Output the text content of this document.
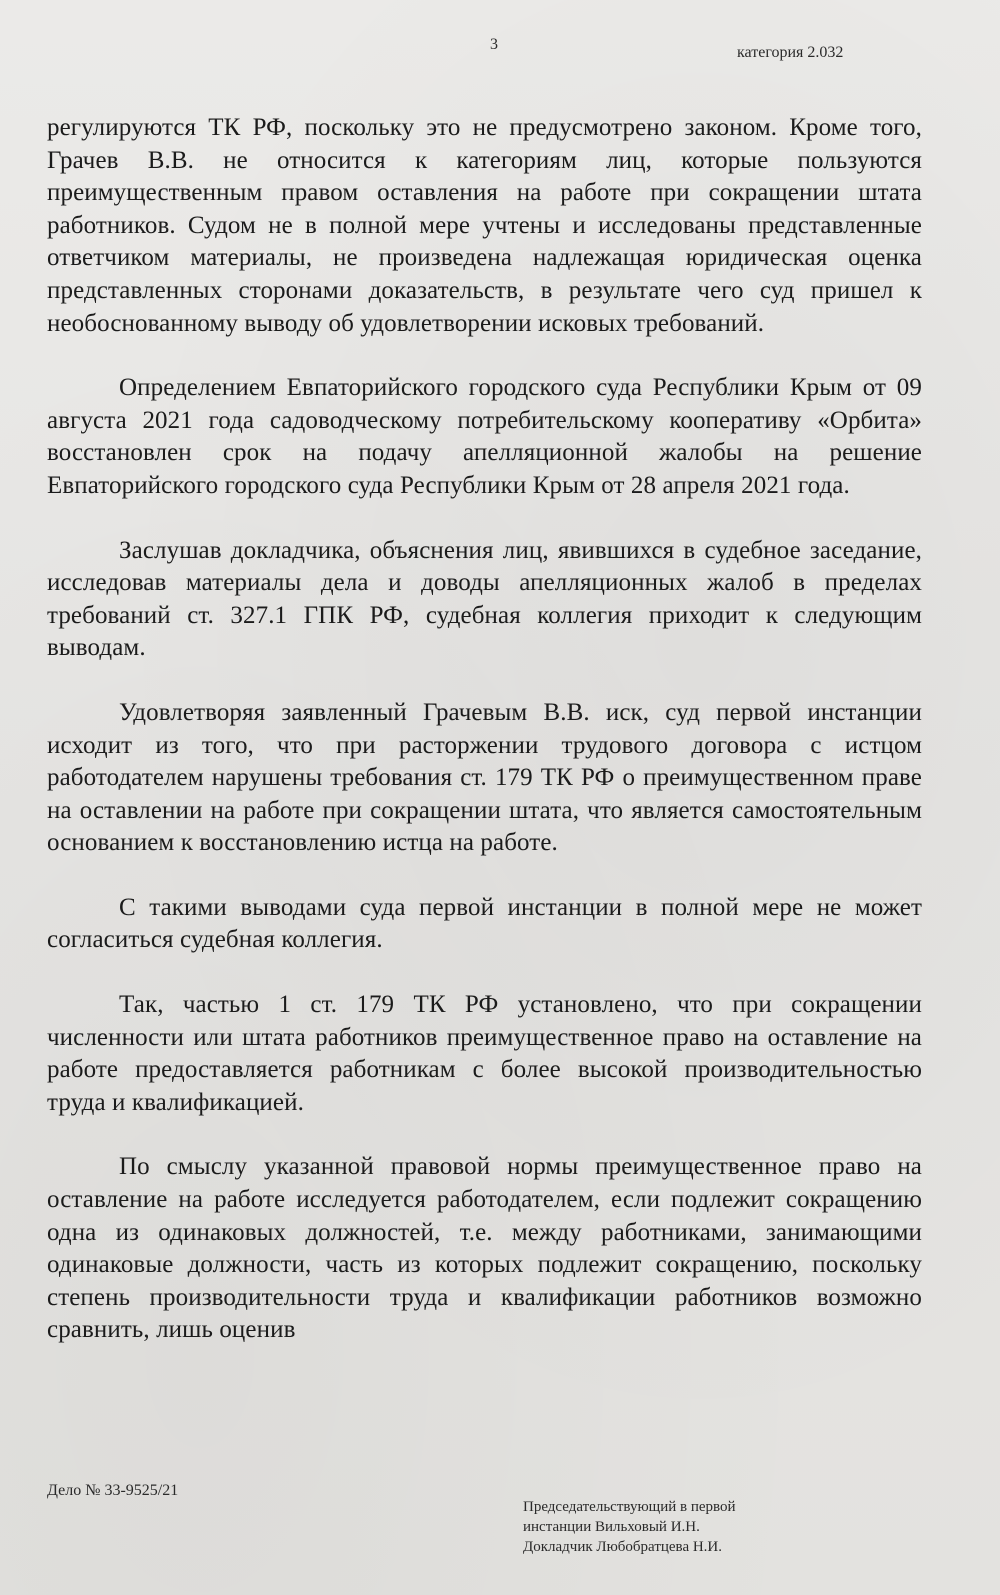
3	категория 2.032

регулируются ТК РФ, поскольку это не предусмотрено законом. Кроме того, Грачев В.В. не относится к категориям лиц, которые пользуются преимущественным правом оставления на работе при сокращении штата работников. Судом не в полной мере учтены и исследованы представленные ответчиком материалы, не произведена надлежащая юридическая оценка представленных сторонами доказательств, в результате чего суд пришел к необоснованному выводу об удовлетворении исковых требований.

Определением Евпаторийского городского суда Республики Крым от 09 августа 2021 года садоводческому потребительскому кооперативу «Орбита» восстановлен срок на подачу апелляционной жалобы на решение Евпаторийского городского суда Республики Крым от 28 апреля 2021 года.

Заслушав докладчика, объяснения лиц, явившихся в судебное заседание, исследовав материалы дела и доводы апелляционных жалоб в пределах требований ст. 327.1 ГПК РФ, судебная коллегия приходит к следующим выводам.

Удовлетворяя заявленный Грачевым В.В. иск, суд первой инстанции исходит из того, что при расторжении трудового договора с истцом работодателем нарушены требования ст. 179 ТК РФ о преимущественном праве на оставлении на работе при сокращении штата, что является самостоятельным основанием к восстановлению истца на работе.

С такими выводами суда первой инстанции в полной мере не может согласиться судебная коллегия.

Так, частью 1 ст. 179 ТК РФ установлено, что при сокращении численности или штата работников преимущественное право на оставление на работе предоставляется работникам с более высокой производительностью труда и квалификацией.

По смыслу указанной правовой нормы преимущественное право на оставление на работе исследуется работодателем, если подлежит сокращению одна из одинаковых должностей, т.е. между работниками, занимающими одинаковые должности, часть из которых подлежит сокращению, поскольку степень производительности труда и квалификации работников возможно сравнить, лишь оценив

Дело № 33-9525/21
Председательствующий в первой
инстанции Вильховый И.Н.
Докладчик Любобратцева Н.И.
